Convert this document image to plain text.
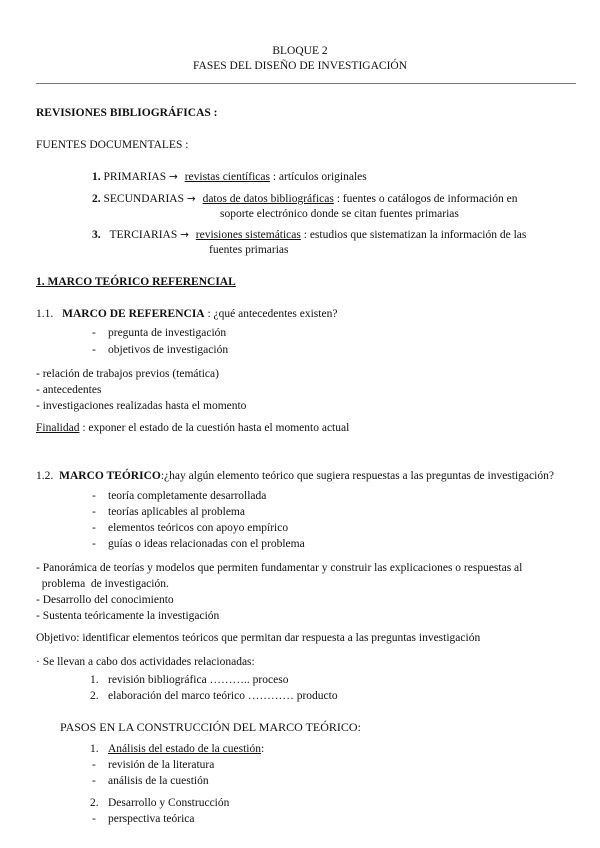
BLOQUE 2
FASES DEL DISEÑO DE INVESTIGACIÓN
REVISIONES BIBLIOGRÁFICAS :
FUENTES DOCUMENTALES :
1. PRIMARIAS → revistas científicas : artículos originales
2. SECUNDARIAS → datos de datos bibliográficas : fuentes o catálogos de información en
soporte electrónico donde se citan fuentes primarias
3. TERCIARIAS → revisiones sistemáticas : estudios que sistematizan la información de las
fuentes primarias
1. MARCO TEÓRICO REFERENCIAL
1.1. MARCO DE REFERENCIA : ¿qué antecedentes existen?
- pregunta de investigación
- objetivos de investigación
- relación de trabajos previos (temática)
- antecedentes
- investigaciones realizadas hasta el momento
Finalidad : exponer el estado de la cuestión hasta el momento actual
1.2. MARCO TEÓRICO:¿hay algún elemento teórico que sugiera respuestas a las preguntas de investigación?
- teoría completamente desarrollada
- teorías aplicables al problema
- elementos teóricos con apoyo empírico
- guías o ideas relacionadas con el problema
- Panorámica de teorías y modelos que permiten fundamentar y construir las explicaciones o respuestas al
problema  de investigación.
- Desarrollo del conocimiento
- Sustenta teóricamente la investigación
Objetivo: identificar elementos teóricos que permitan dar respuesta a las preguntas investigación
· Se llevan a cabo dos actividades relacionadas:
1. revisión bibliográfica ……….. proceso
2. elaboración del marco teórico ………… producto
PASOS EN LA CONSTRUCCIÓN DEL MARCO TEÓRICO:
1. Análisis del estado de la cuestión:
- revisión de la literatura
- análisis de la cuestión
2. Desarrollo y Construcción
- perspectiva teórica
